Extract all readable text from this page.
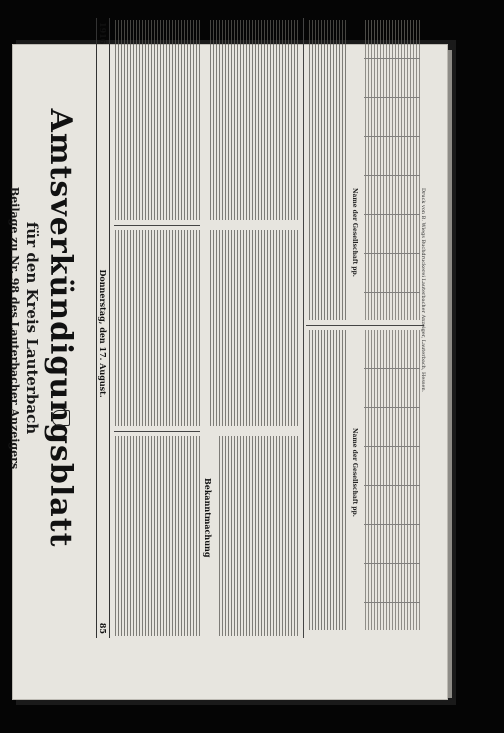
Amtsverkündigungsblatt
für den Kreis Lauterbach
Beilage zu Nr. 98 des Lauterbacher Anzeigers
1916
Donnerstag, den 17. August.
85
Bekanntmachung
Name der Gesellschaft pp.
Name der Gesellschaft pp.
Druck von B. Wiegs Buchdruckerei Lauterbacher Anzeiger, Lauterbach, Hessen.
